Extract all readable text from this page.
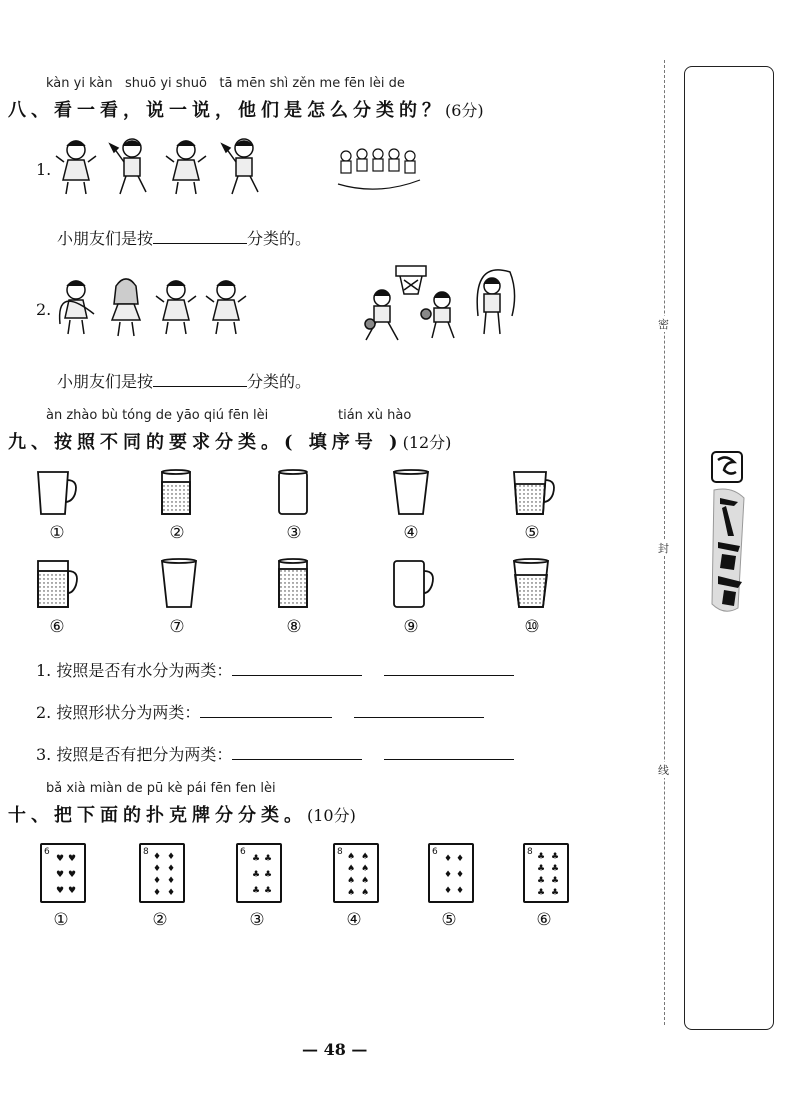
kàn yi kàn   shuō yi shuō   tā mēn shì zěn me fēn lèi de
八、看一看，说一说，他们是怎么分类的？(6分)
1.
小朋友们是按	分类的。
2.
小朋友们是按	分类的。
àn zhào bù tóng de yāo qiú fēn lèi	tián xù hào
九、按照不同的要求分类。( 填序号 )(12分)
①	②	③	④	⑤
⑥	⑦	⑧	⑨	⑩
1. 按照是否有水分为两类：
2. 按照形状分为两类：
3. 按照是否有把分为两类：
bǎ xià miàn de pū kè pái fēn fen lèi
十、把下面的扑克牌分分类。(10分)
6
♥ ♥
♥ ♥
♥ ♥
8 ♦ ♦
♦ ♦
♦ ♦
♦ ♦
6
♣ ♣
♣ ♣
♣ ♣
8 ♠ ♠
♠ ♠
♠ ♠
♠ ♠
6
♦ ♦
♦ ♦
♦ ♦
8 ♣ ♣
♣ ♣
♣ ♣
♣ ♣
①	②	③	④	⑤	⑥
密
封
线
— 48 —
